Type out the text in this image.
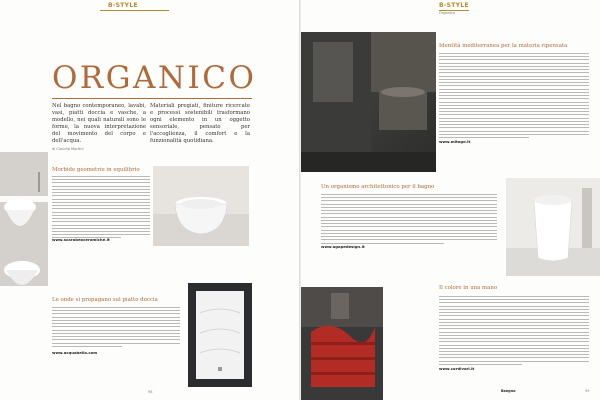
B-STYLE
ORGANICO
Nel bagno contemporaneo, lavabi, vasi, piatti doccia e vasche, a modello, nei quali naturali sono le forme, la nuova interpretazione del movimento del corpo e dell'acqua.
Materiali pregiati, finiture ricercate e processi sostenibili trasformano ogni elemento in un oggetto sensoriale, pensato per l'accoglienza, il comfort e la funzionalità quotidiana.
di Claudia Martini
Morbide geometrie in equilibrio
www.scarabeoceramiche.it
Le onde si propagano sul piatto doccia
www.acquabella.com
98
B-STYLE
Organico
Identità mediterranea per la materia ripensata
www.mitogo.it
Un organismo architettonico per il bagno
www.agapedesign.it
Il colore in una mano
www.cordivari.it
Bsegno	99
